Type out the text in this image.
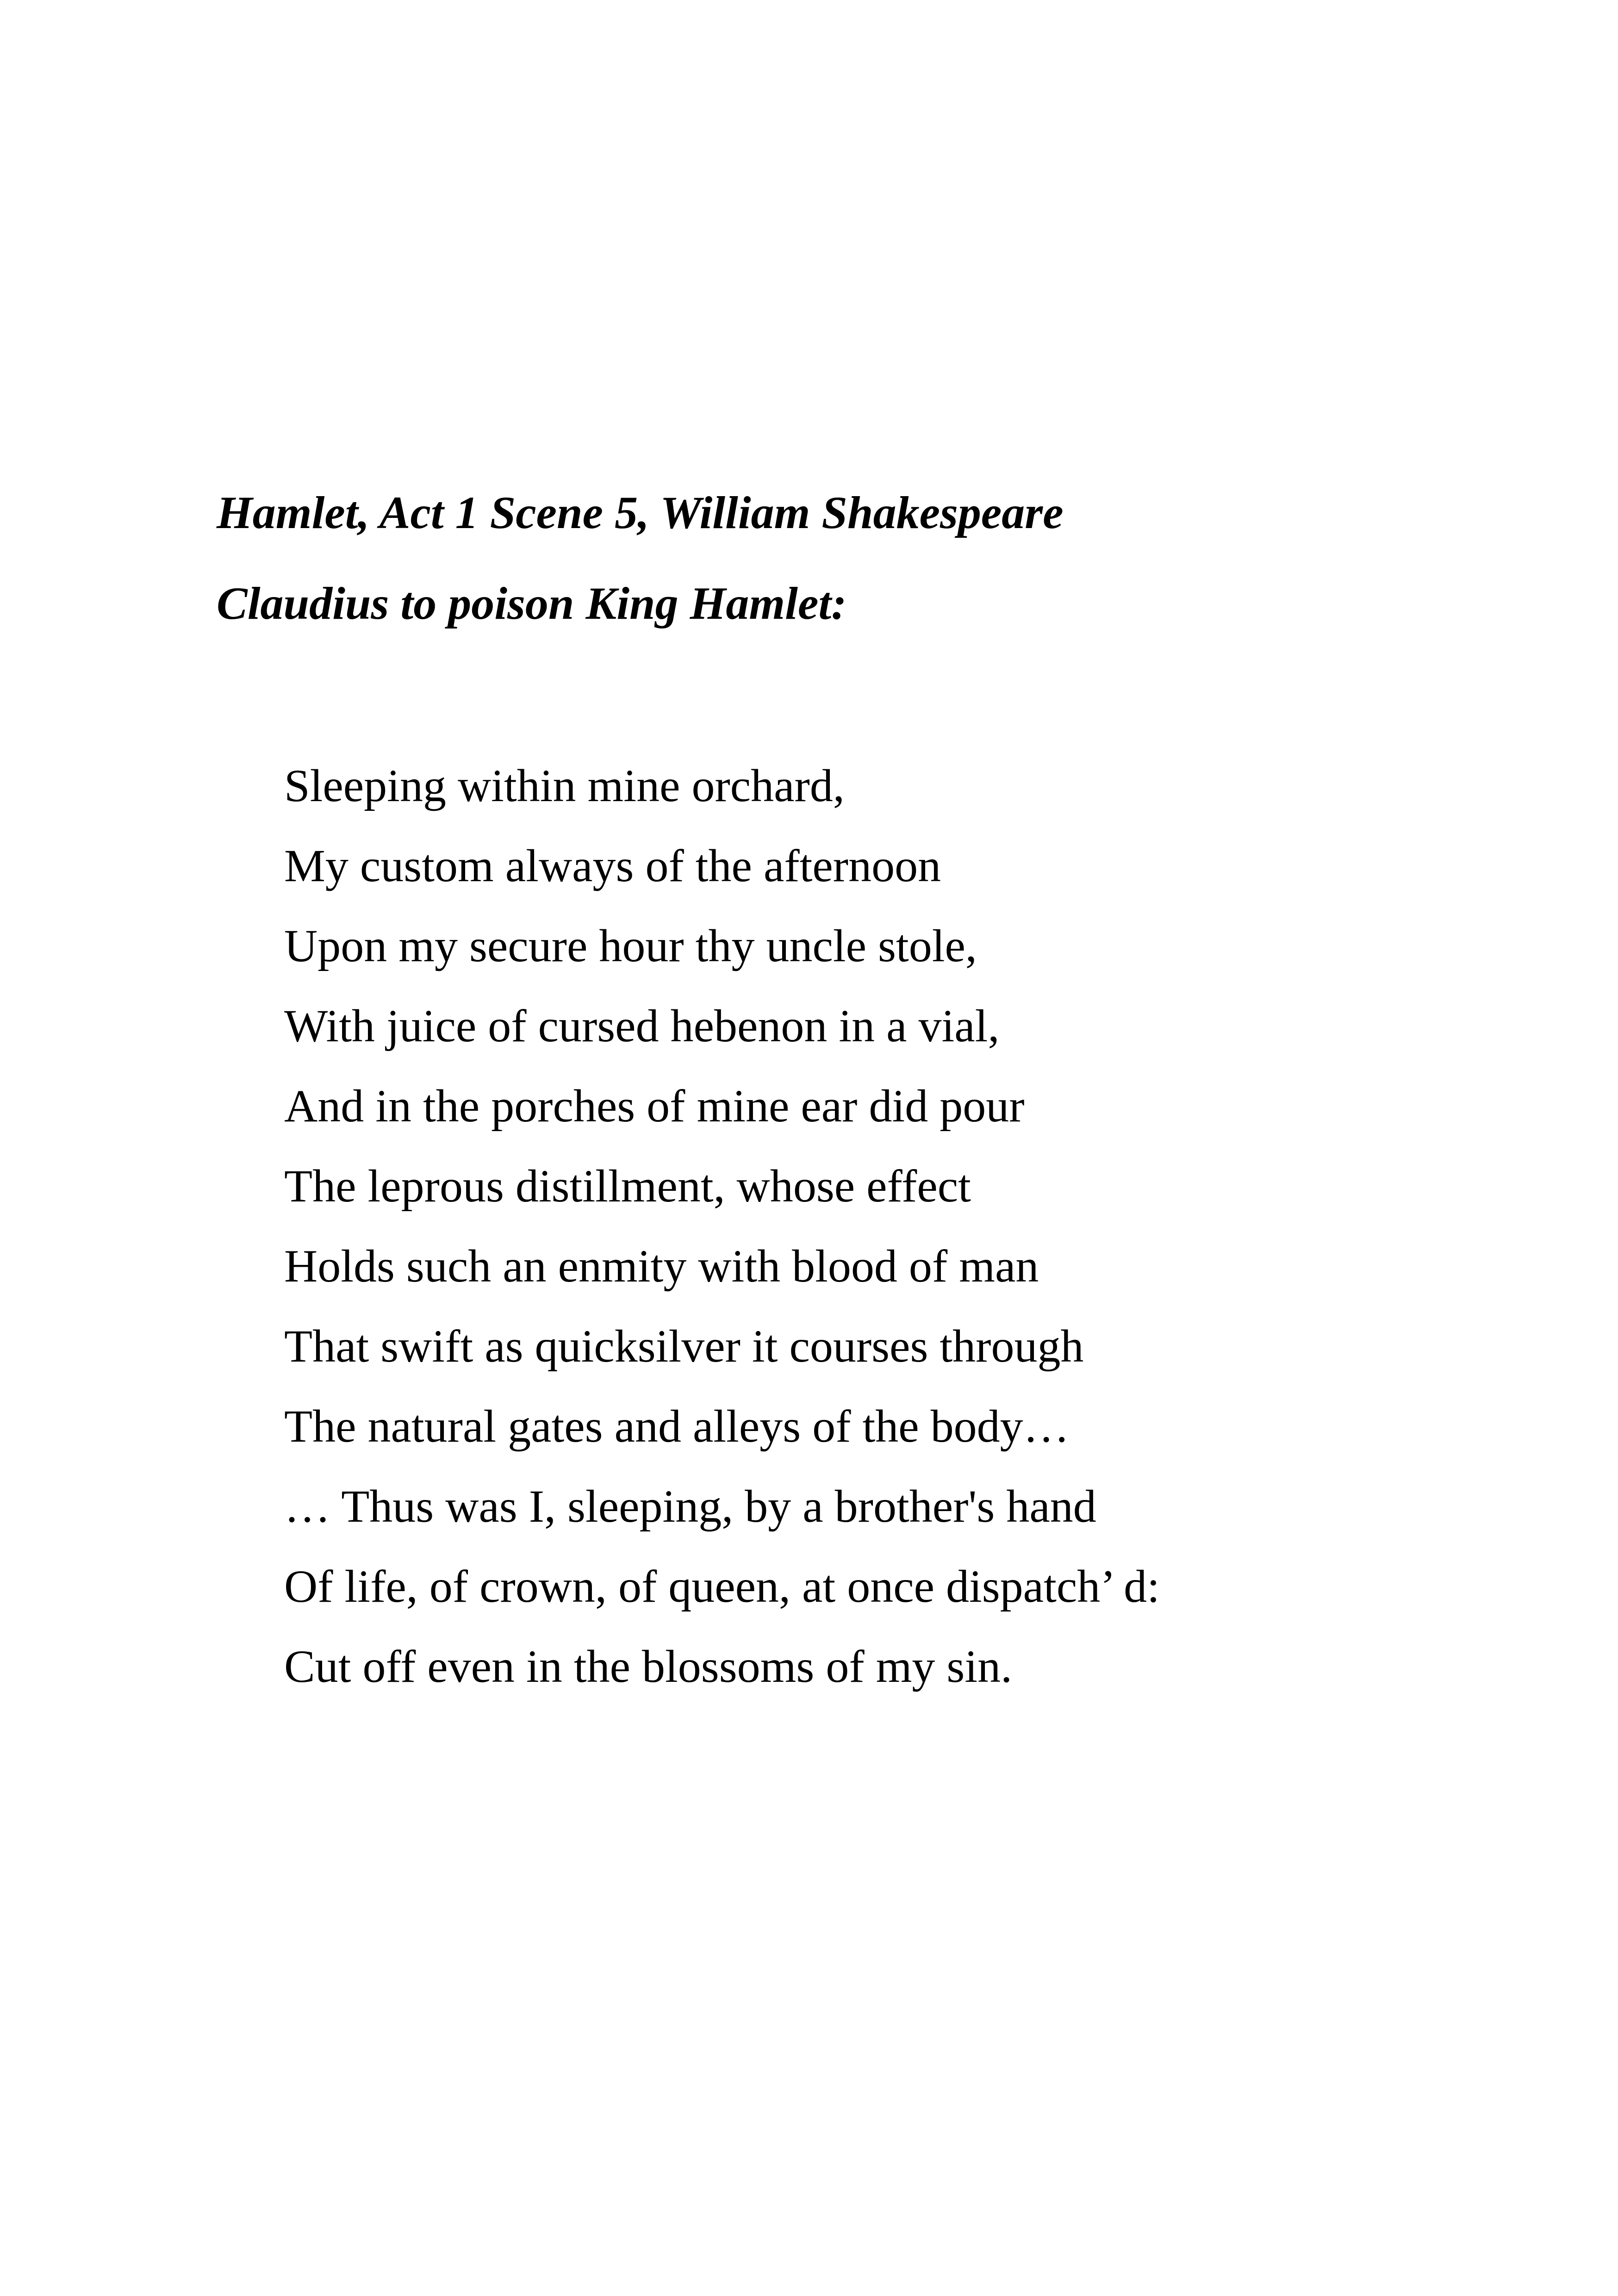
Hamlet, Act 1 Scene 5, William Shakespeare
Claudius to poison King Hamlet:
Sleeping within mine orchard,
My custom always of the afternoon
Upon my secure hour thy uncle stole,
With juice of cursed hebenon in a vial,
And in the porches of mine ear did pour
The leprous distillment, whose effect
Holds such an enmity with blood of man
That swift as quicksilver it courses through
The natural gates and alleys of the body…
… Thus was I, sleeping, by a brother's hand
Of life, of crown, of queen, at once dispatch’ d:
Cut off even in the blossoms of my sin.
